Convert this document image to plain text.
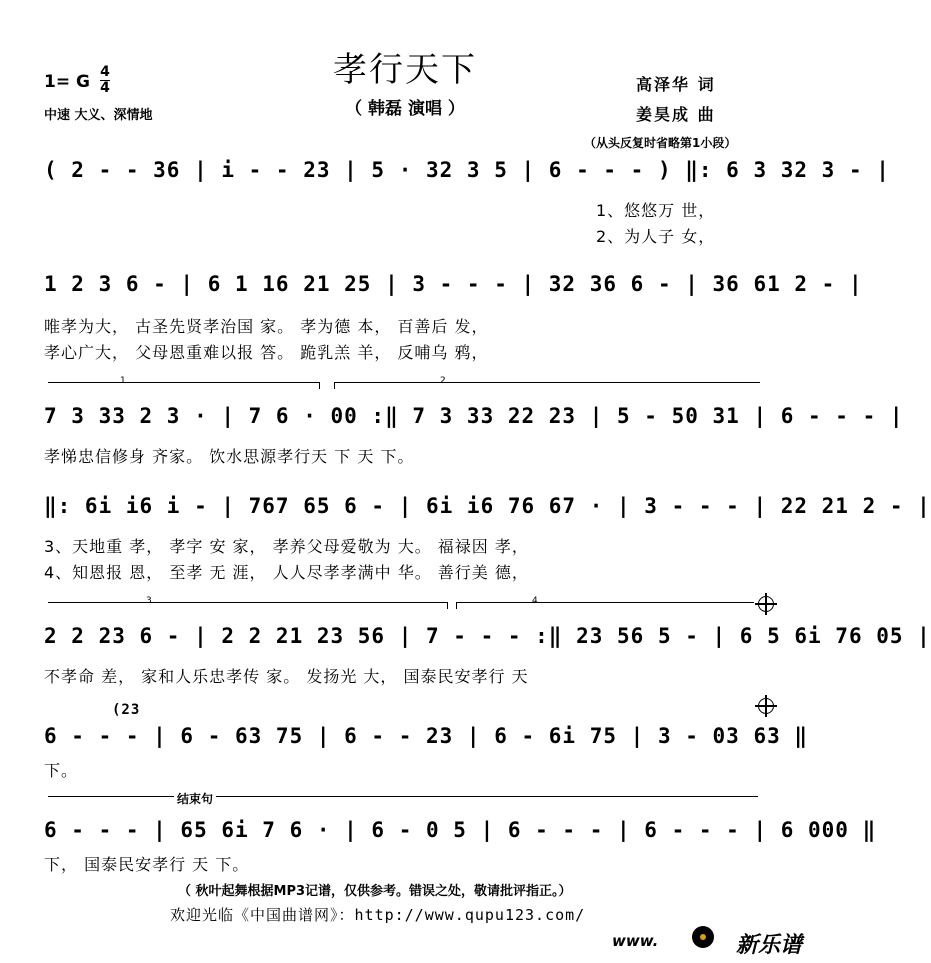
孝行天下
（ 韩磊 演唱 ）
1= G 4
4
中速 大义、深情地
高泽华 词
姜昊成 曲
（从头反复时省略第1小段）
( 2 - - 36 | i - - 23 | 5 · 32 3 5 | 6 - - - ) ‖: 6 3 32 3 - |
1、悠悠万 世，
2、为人子 女，
1 2 3 6 - | 6 1 16 21 25 | 3 - - - | 32 36 6 - | 36 61 2 - |
唯孝为大， 古圣先贤孝治国 家。 孝为德 本， 百善后 发，
孝心广大， 父母恩重难以报 答。 跪乳羔 羊， 反哺乌 鸦，
1	2
7 3 33 2 3 · | 7 6 · 00 :‖ 7 3 33 22 23 | 5 - 50 31 | 6 - - - |
孝悌忠信修身 齐家。 饮水思源孝行天 下 天 下。
‖: 6i i6 i - | 767 65 6 - | 6i i6 76 67 · | 3 - - - | 22 21 2 - |
3、天地重 孝， 孝字 安 家， 孝养父母爱敬为 大。 福禄因 孝，
4、知恩报 恩， 至孝 无 涯， 人人尽孝孝满中 华。 善行美 德，
3	4
2 2 23 6 - | 2 2 21 23 56 | 7 - - - :‖ 23 56 5 - | 6 5 6i 76 05 |
不孝命 差， 家和人乐忠孝传 家。 发扬光 大， 国泰民安孝行 天
(23
6 - - - | 6 - 63 75 | 6 - - 23 | 6 - 6i 75 | 3 - 03 63 ‖
下。
结束句
6 - - - | 65 6i 7 6 · | 6 - 0 5 | 6 - - - | 6 - - - | 6 000 ‖
下， 国泰民安孝行 天 下。
（ 秋叶起舞根据MP3记谱，仅供参考。错误之处，敬请批评指正。）
欢迎光临《中国曲谱网》：http://www.qupu123.com/
www.	新乐谱
